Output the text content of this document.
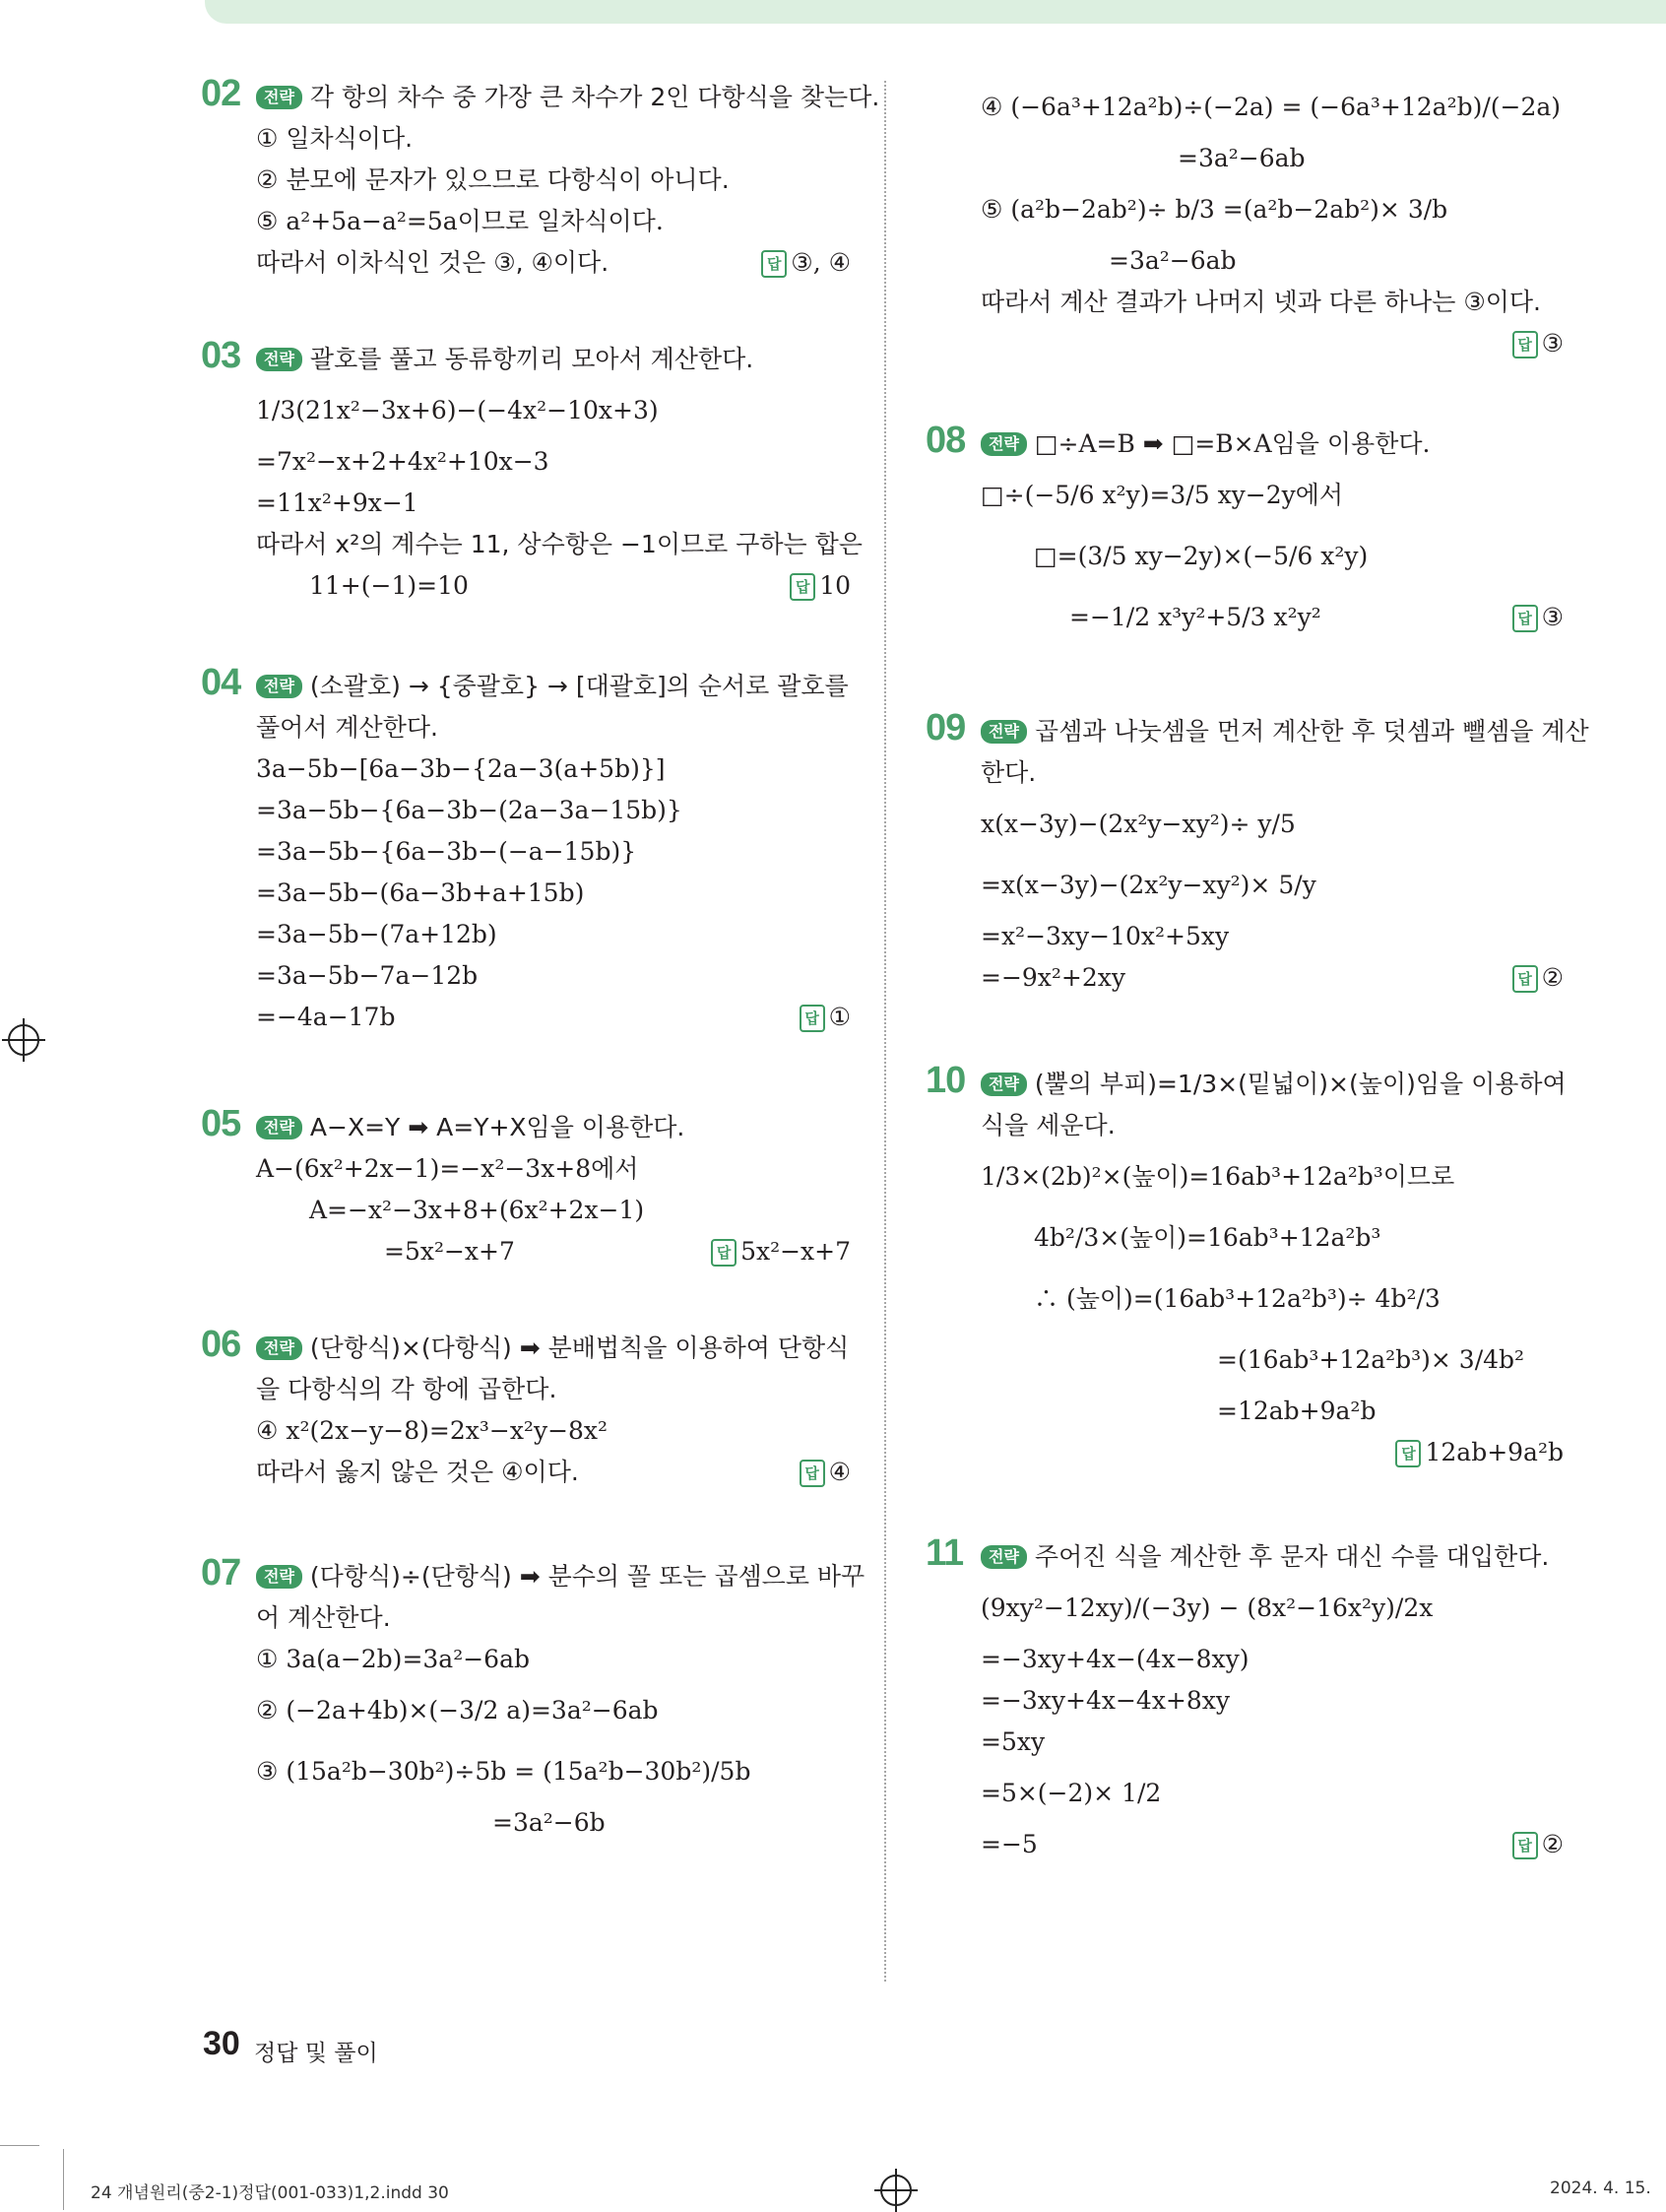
02	전략 각 항의 차수 중 가장 큰 차수가 2인 다항식을 찾는다.
① 일차식이다.
② 분모에 문자가 있으므로 다항식이 아니다.
⑤ a²+5a−a²=5a이므로 일차식이다.
따라서 이차식인 것은 ③, ④이다.	답 ③, ④
03	전략 괄호를 풀고 동류항끼리 모아서 계산한다.
1/3(21x²−3x+6)−(−4x²−10x+3)
=7x²−x+2+4x²+10x−3
=11x²+9x−1
따라서 x²의 계수는 11, 상수항은 −1이므로 구하는 합은
11+(−1)=10	답 10
04	전략 (소괄호) → {중괄호} → [대괄호]의 순서로 괄호를
풀어서 계산한다.
3a−5b−[6a−3b−{2a−3(a+5b)}]
=3a−5b−{6a−3b−(2a−3a−15b)}
=3a−5b−{6a−3b−(−a−15b)}
=3a−5b−(6a−3b+a+15b)
=3a−5b−(7a+12b)
=3a−5b−7a−12b
=−4a−17b	답 ①
05	전략 A−X=Y ➡ A=Y+X임을 이용한다.
A−(6x²+2x−1)=−x²−3x+8에서
A=−x²−3x+8+(6x²+2x−1)
=5x²−x+7	답 5x²−x+7
06	전략 (단항식)×(다항식) ➡ 분배법칙을 이용하여 단항식
을 다항식의 각 항에 곱한다.
④ x²(2x−y−8)=2x³−x²y−8x²
따라서 옳지 않은 것은 ④이다.	답 ④
07	전략 (다항식)÷(단항식) ➡ 분수의 꼴 또는 곱셈으로 바꾸
어 계산한다.
① 3a(a−2b)=3a²−6ab
② (−2a+4b)×(−3/2 a)=3a²−6ab
③ (15a²b−30b²)÷5b = (15a²b−30b²)/5b
=3a²−6b
④ (−6a³+12a²b)÷(−2a) = (−6a³+12a²b)/(−2a)
=3a²−6ab
⑤ (a²b−2ab²)÷ b/3 =(a²b−2ab²)× 3/b
=3a²−6ab
따라서 계산 결과가 나머지 넷과 다른 하나는 ③이다.
답 ③
08	전략 □÷A=B ➡ □=B×A임을 이용한다.
□÷(−5/6 x²y)=3/5 xy−2y에서
□=(3/5 xy−2y)×(−5/6 x²y)
=−1/2 x³y²+5/3 x²y²	답 ③
09	전략 곱셈과 나눗셈을 먼저 계산한 후 덧셈과 뺄셈을 계산
한다.
x(x−3y)−(2x²y−xy²)÷ y/5
=x(x−3y)−(2x²y−xy²)× 5/y
=x²−3xy−10x²+5xy
=−9x²+2xy	답 ②
10	전략 (뿔의 부피)=1/3×(밑넓이)×(높이)임을 이용하여
식을 세운다.
1/3×(2b)²×(높이)=16ab³+12a²b³이므로
4b²/3×(높이)=16ab³+12a²b³
∴ (높이)=(16ab³+12a²b³)÷ 4b²/3
=(16ab³+12a²b³)× 3/4b²
=12ab+9a²b
답 12ab+9a²b
11	전략 주어진 식을 계산한 후 문자 대신 수를 대입한다.
(9xy²−12xy)/(−3y) − (8x²−16x²y)/2x
=−3xy+4x−(4x−8xy)
=−3xy+4x−4x+8xy
=5xy
=5×(−2)× 1/2
=−5	답 ②
30 정답 및 풀이
24 개념원리(중2-1)정답(001-033)1,2.indd 30	2024. 4. 15.
